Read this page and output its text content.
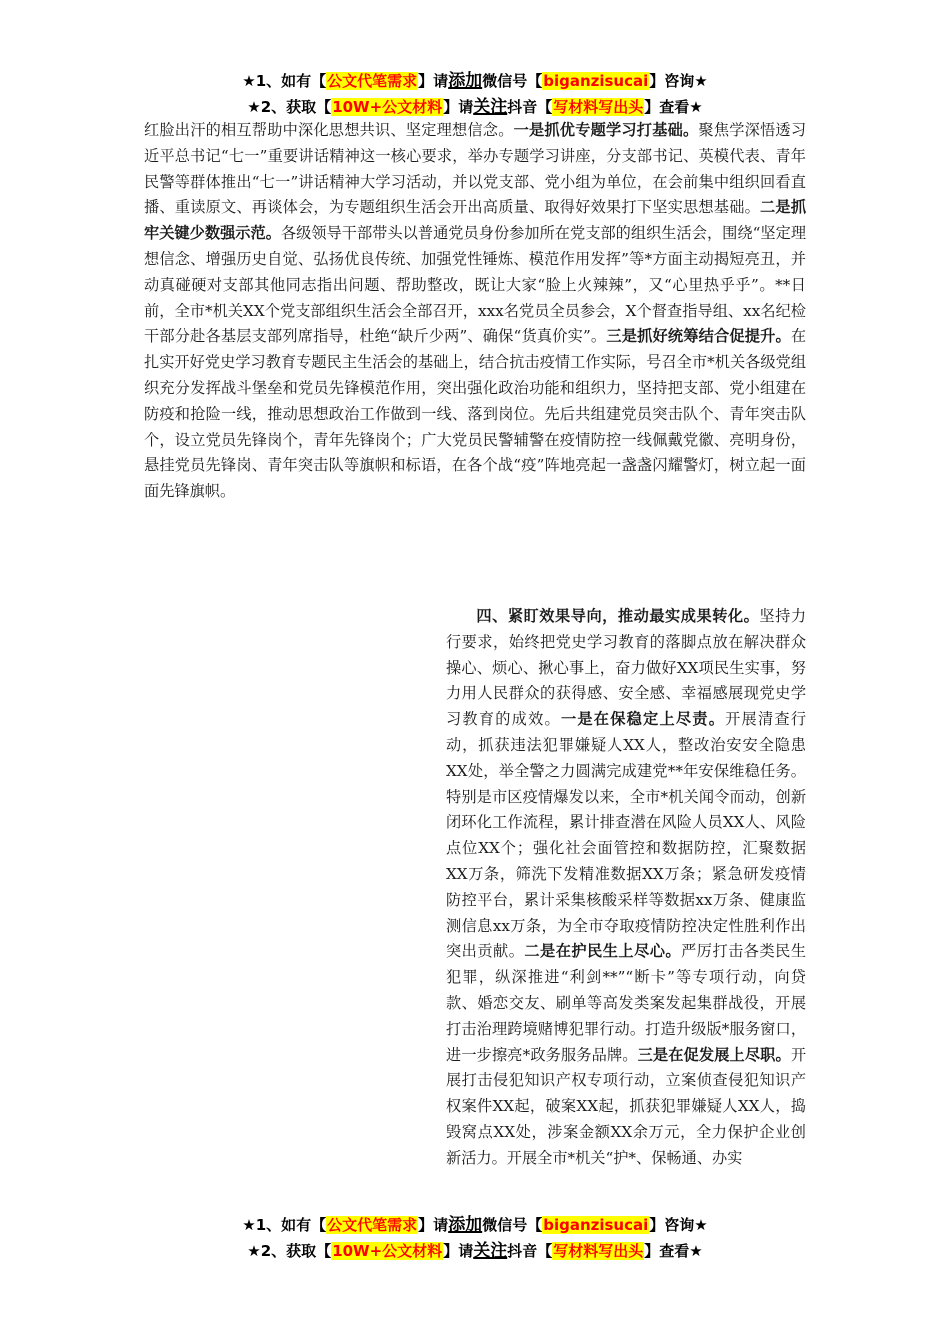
★1、如有【公文代笔需求】请添加微信号【biganzisucai】咨询★
★2、获取【10W+公文材料】请关注抖音【写材料写出头】查看★

红脸出汗的相互帮助中深化思想共识、坚定理想信念。一是抓优专题学习打基础。聚焦学深悟透习近平总书记“七一”重要讲话精神这一核心要求，举办专题学习讲座，分支部书记、英模代表、青年民警等群体推出“七一”讲话精神大学习活动，并以党支部、党小组为单位，在会前集中组织回看直播、重读原文、再谈体会，为专题组织生活会开出高质量、取得好效果打下坚实思想基础。二是抓牢关键少数强示范。各级领导干部带头以普通党员身份参加所在党支部的组织生活会，围绕“坚定理想信念、增强历史自觉、弘扬优良传统、加强党性锤炼、模范作用发挥”等*方面主动揭短亮丑，并动真碰硬对支部其他同志指出问题、帮助整改，既让大家“脸上火辣辣”，又“心里热乎乎”。**日前，全市*机关XX个党支部组织生活会全部召开，xxx名党员全员参会，X个督查指导组、xx名纪检干部分赴各基层支部列席指导，杜绝“缺斤少两”、确保“货真价实”。三是抓好统筹结合促提升。在扎实开好党史学习教育专题民主生活会的基础上，结合抗击疫情工作实际，号召全市*机关各级党组织充分发挥战斗堡垒和党员先锋模范作用，突出强化政治功能和组织力，坚持把支部、党小组建在防疫和抢险一线，推动思想政治工作做到一线、落到岗位。先后共组建党员突击队个、青年突击队个，设立党员先锋岗个，青年先锋岗个；广大党员民警辅警在疫情防控一线佩戴党徽、亮明身份，悬挂党员先锋岗、青年突击队等旗帜和标语，在各个战“疫”阵地亮起一盏盏闪耀警灯，树立起一面面先锋旗帜。

四、紧盯效果导向，推动最实成果转化。坚持力行要求，始终把党史学习教育的落脚点放在解决群众操心、烦心、揪心事上，奋力做好XX项民生实事，努力用人民群众的获得感、安全感、幸福感展现党史学习教育的成效。一是在保稳定上尽责。开展清查行动，抓获违法犯罪嫌疑人XX人，整改治安安全隐患XX处，举全警之力圆满完成建党**年安保维稳任务。特别是市区疫情爆发以来，全市*机关闻令而动，创新闭环化工作流程，累计排查潜在风险人员XX人、风险点位XX个；强化社会面管控和数据防控，汇聚数据XX万条，筛洗下发精准数据XX万条；紧急研发疫情防控平台，累计采集核酸采样等数据xx万条、健康监测信息xx万条，为全市夺取疫情防控决定性胜利作出突出贡献。二是在护民生上尽心。严厉打击各类民生犯罪，纵深推进“利剑**”“断卡”等专项行动，向贷款、婚恋交友、刷单等高发类案发起集群战役，开展打击治理跨境赌博犯罪行动。打造升级版*服务窗口，进一步擦亮*政务服务品牌。三是在促发展上尽职。开展打击侵犯知识产权专项行动，立案侦查侵犯知识产权案件XX起，破案XX起，抓获犯罪嫌疑人XX人，捣毁窝点XX处，涉案金额XX余万元，全力保护企业创新活力。开展全市*机关“护*、保畅通、办实

★1、如有【公文代笔需求】请添加微信号【biganzisucai】咨询★
★2、获取【10W+公文材料】请关注抖音【写材料写出头】查看★
